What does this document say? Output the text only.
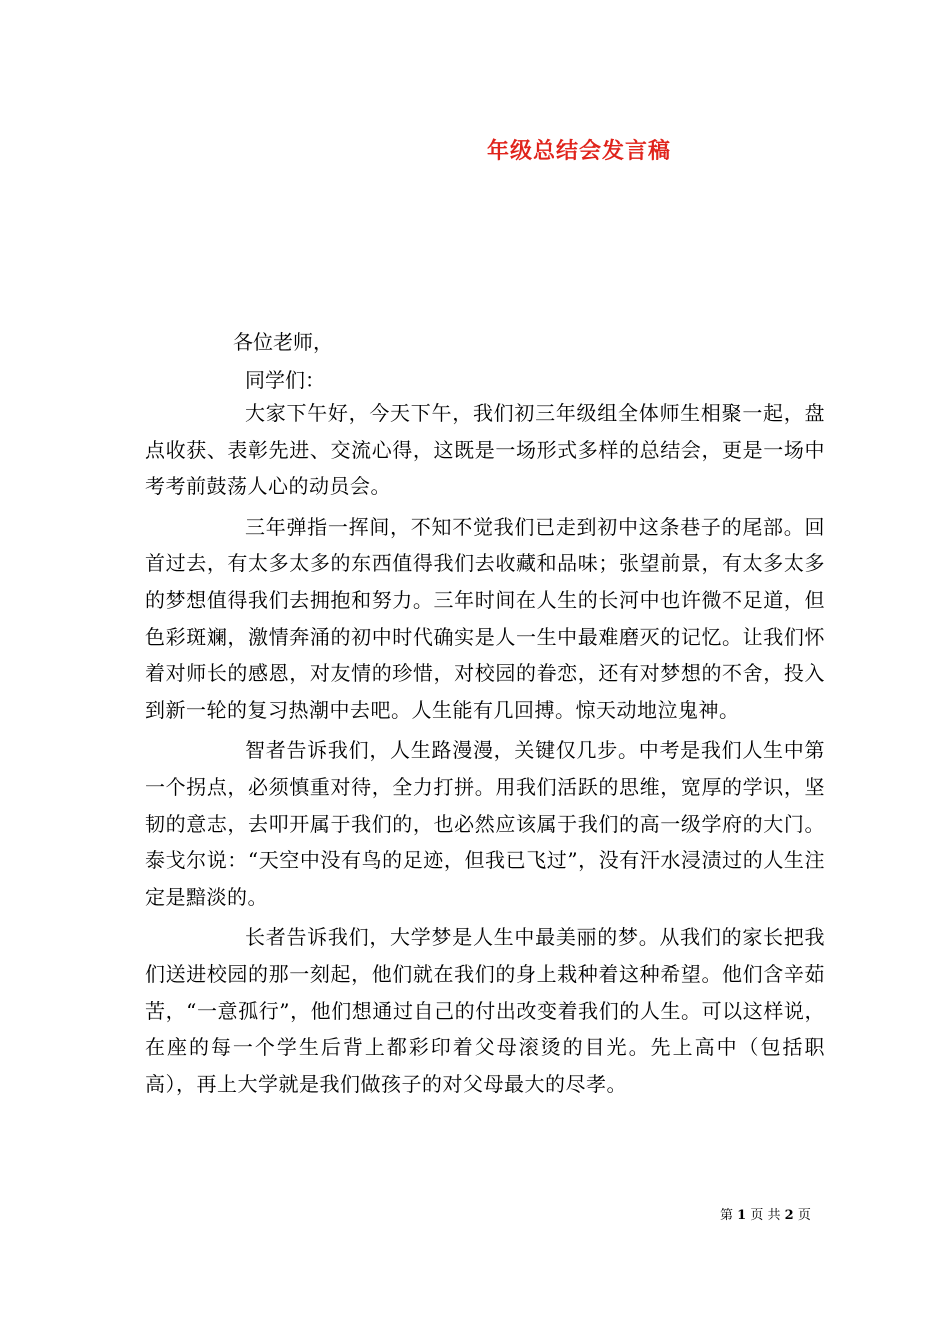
年级总结会发言稿
各位老师，
同学们：

大家下午好，今天下午，我们初三年级组全体师生相聚一起，盘点收获、表彰先进、交流心得，这既是一场形式多样的总结会，更是一场中考考前鼓荡人心的动员会。

三年弹指一挥间，不知不觉我们已走到初中这条巷子的尾部。回首过去，有太多太多的东西值得我们去收藏和品味；张望前景，有太多太多的梦想值得我们去拥抱和努力。三年时间在人生的长河中也许微不足道，但色彩斑斓，激情奔涌的初中时代确实是人一生中最难磨灭的记忆。让我们怀着对师长的感恩，对友情的珍惜，对校园的眷恋，还有对梦想的不舍，投入到新一轮的复习热潮中去吧。人生能有几回搏。惊天动地泣鬼神。

智者告诉我们，人生路漫漫，关键仅几步。中考是我们人生中第一个拐点，必须慎重对待，全力打拼。用我们活跃的思维，宽厚的学识，坚韧的意志，去叩开属于我们的，也必然应该属于我们的高一级学府的大门。泰戈尔说：“天空中没有鸟的足迹，但我已飞过”，没有汗水浸渍过的人生注定是黯淡的。

长者告诉我们，大学梦是人生中最美丽的梦。从我们的家长把我们送进校园的那一刻起，他们就在我们的身上栽种着这种希望。他们含辛茹苦，“一意孤行”，他们想通过自己的付出改变着我们的人生。可以这样说，在座的每一个学生后背上都彩印着父母滚烫的目光。先上高中（包括职高），再上大学就是我们做孩子的对父母最大的尽孝。

第 1 页 共 2 页
